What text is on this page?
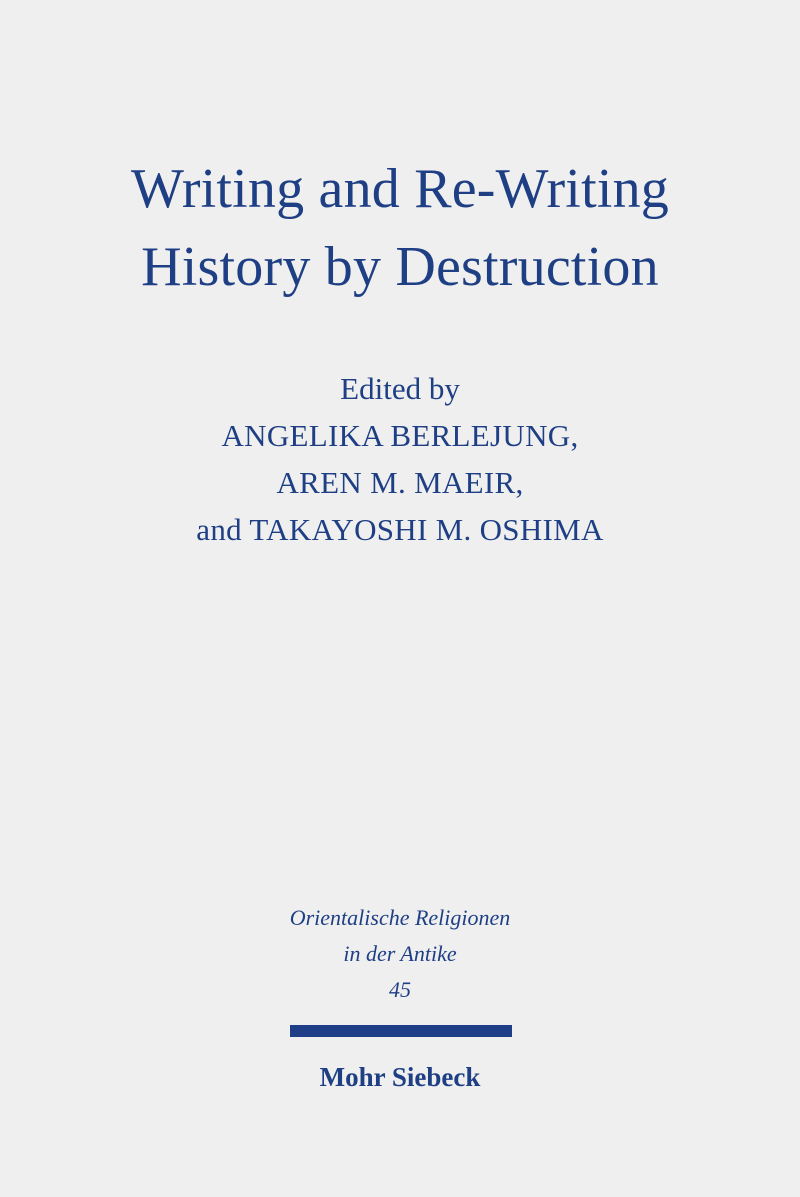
Writing and Re-Writing
History by Destruction
Edited by
ANGELIKA BERLEJUNG,
AREN M. MAEIR,
and TAKAYOSHI M. OSHIMA
Orientalische Religionen
in der Antike
45
Mohr Siebeck
